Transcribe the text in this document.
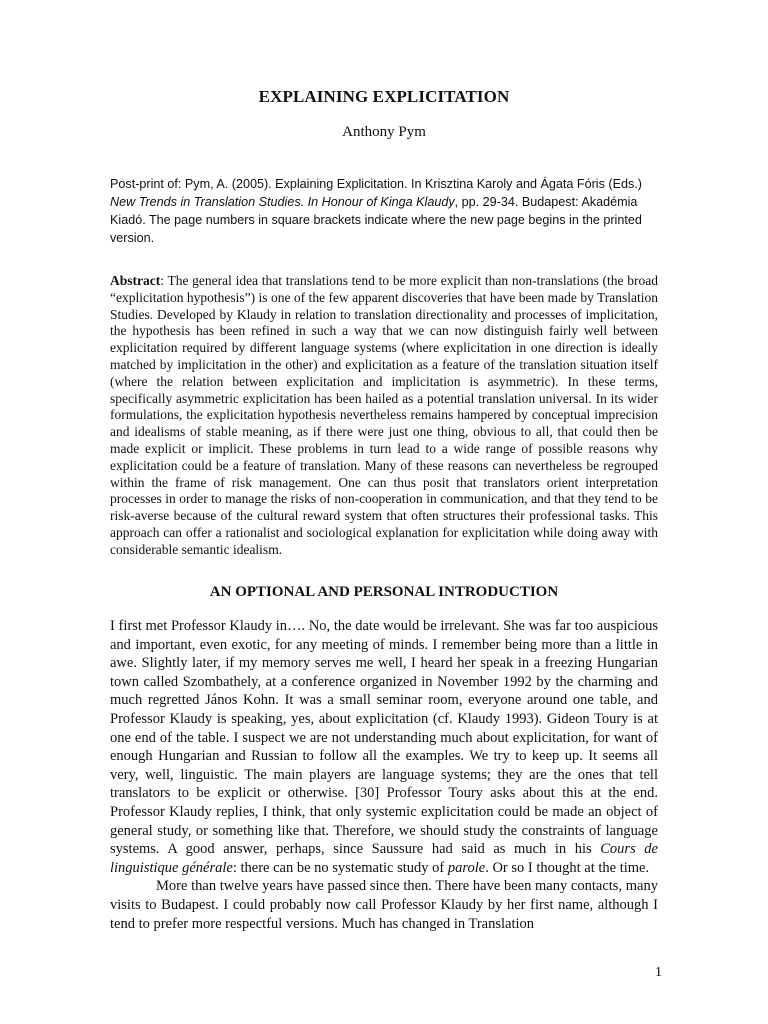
EXPLAINING EXPLICITATION
Anthony Pym
Post-print of: Pym, A. (2005). Explaining Explicitation. In Krisztina Karoly and Ágata Fóris (Eds.) New Trends in Translation Studies. In Honour of Kinga Klaudy, pp. 29-34. Budapest: Akadémia Kiadó. The page numbers in square brackets indicate where the new page begins in the printed version.

Abstract: The general idea that translations tend to be more explicit than non-translations (the broad “explicitation hypothesis”) is one of the few apparent discoveries that have been made by Translation Studies. Developed by Klaudy in relation to translation directionality and processes of implicitation, the hypothesis has been refined in such a way that we can now distinguish fairly well between explicitation required by different language systems (where explicitation in one direction is ideally matched by implicitation in the other) and explicitation as a feature of the translation situation itself (where the relation between explicitation and implicitation is asymmetric). In these terms, specifically asymmetric explicitation has been hailed as a potential translation universal. In its wider formulations, the explicitation hypothesis nevertheless remains hampered by conceptual imprecision and idealisms of stable meaning, as if there were just one thing, obvious to all, that could then be made explicit or implicit. These problems in turn lead to a wide range of possible reasons why explicitation could be a feature of translation. Many of these reasons can nevertheless be regrouped within the frame of risk management. One can thus posit that translators orient interpretation processes in order to manage the risks of non-cooperation in communication, and that they tend to be risk-averse because of the cultural reward system that often structures their professional tasks. This approach can offer a rationalist and sociological explanation for explicitation while doing away with considerable semantic idealism.

AN OPTIONAL AND PERSONAL INTRODUCTION

I first met Professor Klaudy in…. No, the date would be irrelevant. She was far too auspicious and important, even exotic, for any meeting of minds. I remember being more than a little in awe. Slightly later, if my memory serves me well, I heard her speak in a freezing Hungarian town called Szombathely, at a conference organized in November 1992 by the charming and much regretted János Kohn. It was a small seminar room, everyone around one table, and Professor Klaudy is speaking, yes, about explicitation (cf. Klaudy 1993). Gideon Toury is at one end of the table. I suspect we are not understanding much about explicitation, for want of enough Hungarian and Russian to follow all the examples. We try to keep up. It seems all very, well, linguistic. The main players are language systems; they are the ones that tell translators to be explicit or otherwise. [30] Professor Toury asks about this at the end. Professor Klaudy replies, I think, that only systemic explicitation could be made an object of general study, or something like that. Therefore, we should study the constraints of language systems. A good answer, perhaps, since Saussure had said as much in his Cours de linguistique générale: there can be no systematic study of parole. Or so I thought at the time.

More than twelve years have passed since then. There have been many contacts, many visits to Budapest. I could probably now call Professor Klaudy by her first name, although I tend to prefer more respectful versions. Much has changed in Translation

1
